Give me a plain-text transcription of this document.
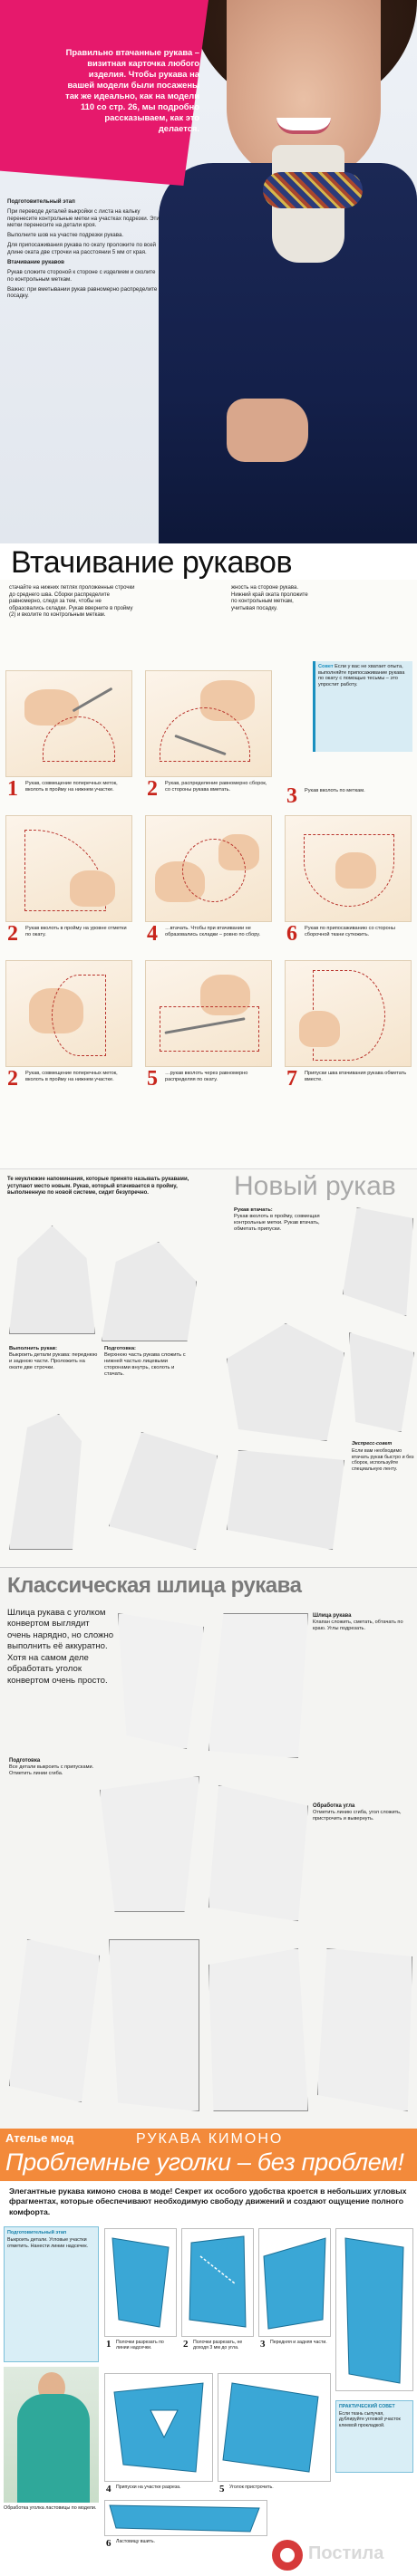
Правильно втачанные рукава – визитная карточка любого изделия. Чтобы рукава на вашей модели были посажены так же идеально, как на модели 110 со стр. 26, мы подробно рассказываем, как это делается.

Подготовительный этап

При переводе деталей выкройки с листа на кальку перенесите контрольные метки на участках подрезки. Эти метки перенесите на детали кроя.

Выполните шов на участке подрезки рукава.

Для припосаживания рукава по окату проложите по всей длине оката две строчки на расстоянии 5 мм от края.

Втачивание рукавов

Рукав сложите стороной к стороне с изделием и сколите по контрольным меткам.

Важно: при вметывании рукав равномерно распределите посадку.

Втачивание рукавов
стачайте на нижних петлях проложенные строчки до среднего шва. Сборки распределите равномерно, следя за тем, чтобы не образовались складки. Рукав вверните в пройму (2) и вколите по контрольным меткам.
жность на стороне рукава. Нижний край оката проложите по контрольным меткам, учитывая посадку.
Совет Если у вас не хватает опыта, выполняйте припосаживание рукава по окату с помощью тесьмы – это упростит работу.
1 Рукав, совмещение поперечных меток, вколоть в пройму на нижнем участке.	2 Рукав, распределение равномерно сборок, со стороны рукава вметать.
2 Рукав вколоть в пройму на уровне отметки по окату.	4 …втачать. Чтобы при втачивании не образовались складки – ровно по сбору.	6 Рукав по припосаживанию со стороны сборочной ткани сутюжить.
3 Рукав вколоть по меткам.
2 Рукав, совмещение поперечных меток, вколоть в пройму на нижнем участке.	5 …рукав вколоть через равномерно распределяя по окату.	7 Припуски шва втачивания рукава обметать вместе.
Новый рукав
Те неуклюжие напоминания, которые принято называть рукавами, уступают место новым. Рукав, который втачивается в пройму, выполненную по новой системе, сидит безупречно.
Выполнить рукав:
Выкроить детали рукава: переднюю и заднюю части. Проложить на окате две строчки.
Подготовка:
Верхнюю часть рукава сложить с нижней частью лицевыми сторонами внутрь, сколоть и стачать.
Рукав втачать:
Рукав вколоть в пройму, совмещая контрольные метки. Рукав втачать, обметать припуски.
Экспресс-совет
Если вам необходимо втачать рукав быстро и без сборок, используйте специальную ленту.
Классическая шлица рукава
Шлица рукава с уголком конвертом выглядит очень нарядно, но сложно выполнить её аккуратно. Хотя на самом деле обработать уголок конвертом очень просто.
Шлица рукава
Клапан сложить, сметать, обтачать по краю. Углы подрезать.
Подготовка
Все детали выкроить с припусками. Отметить линии сгиба.
Обработка угла
Отметить линию сгиба, угол сложить, пристрочить и вывернуть.
Ателье мод	РУКАВА КИМОНО
Проблемные уголки – без проблем!
Элегантные рукава кимоно снова в моде! Секрет их особого удобства кроется в небольших угловых фрагментах, которые обеспечивают необходимую свободу движений и создают ощущение полного комфорта.
Подготовительный этап
Выкроить детали. Угловые участки отметить. Нанести линии надсечек.
Обработка уголка ластовицы по модели.
1 Полочки разрезать по линии надсечки.	2 Полочки разрезать, не доходя 3 мм до угла.	3 Передняя и задняя части.
4 Припуски на участке разреза.	5 Уголок пристрочить.
6 Ластовицу вшить.
ПРАКТИЧЕСКИЙ СОВЕТ
Если ткань сыпучая, дублируйте угловой участок клеевой прокладкой.
Постила
